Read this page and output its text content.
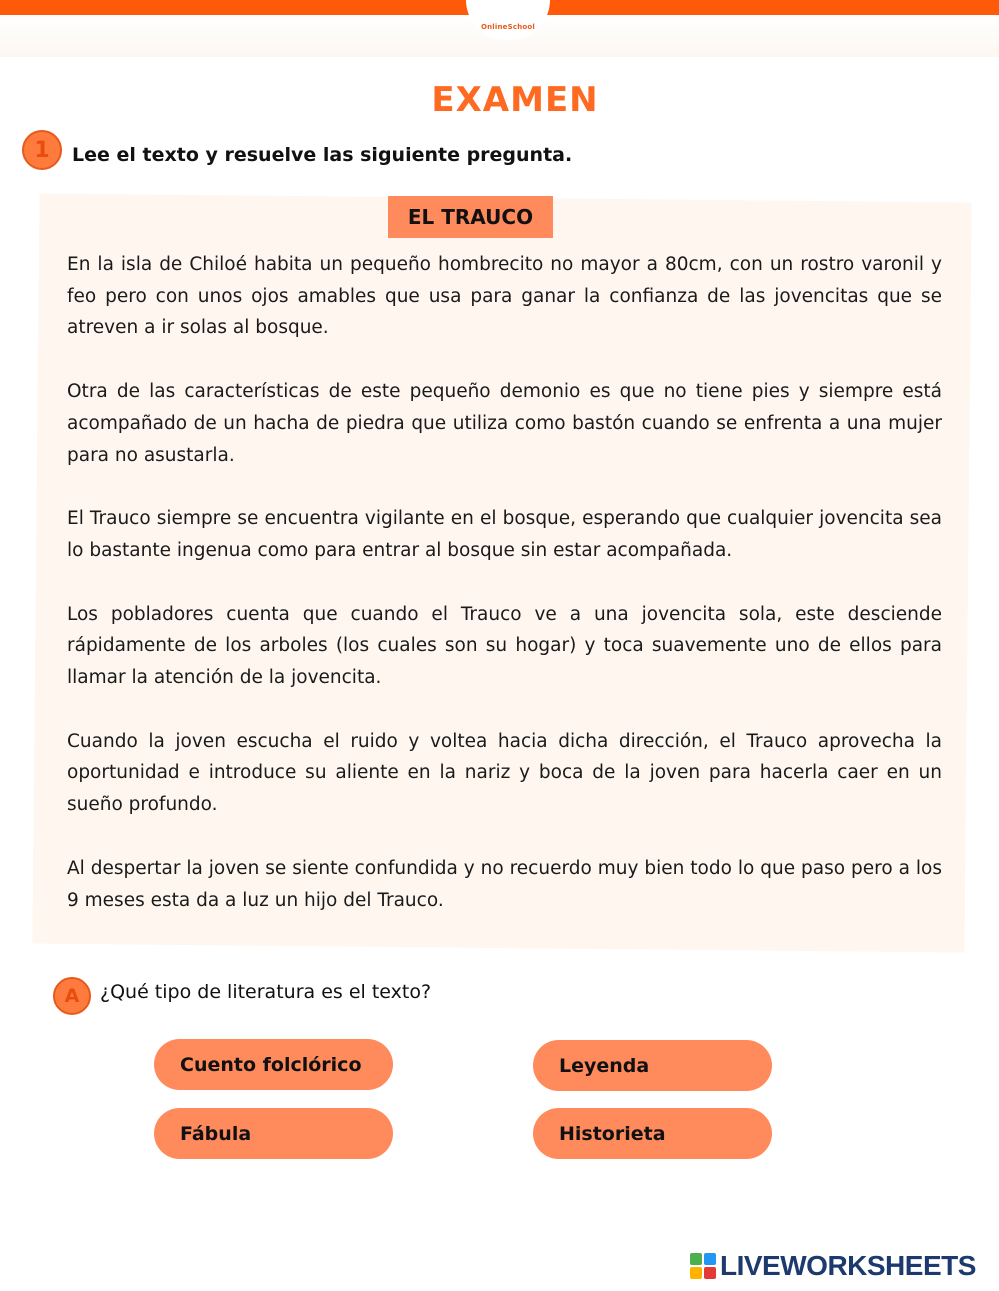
OnlineSchool
EXAMEN
1	Lee el texto y resuelve las siguiente pregunta.
EL TRAUCO

En la isla de Chiloé habita un pequeño hombrecito no mayor a 80cm, con un rostro varonil y feo pero con unos ojos amables que usa para ganar la confianza de las jovencitas que se atreven a ir solas al bosque.

Otra de las características de este pequeño demonio es que no tiene pies y siempre está acompañado de un hacha de piedra que utiliza como bastón cuando se enfrenta a una mujer para no asustarla.

El Trauco siempre se encuentra vigilante en el bosque, esperando que cualquier jovencita sea lo bastante ingenua como para entrar al bosque sin estar acompañada.

Los pobladores cuenta que cuando el Trauco ve a una jovencita sola, este desciende rápidamente de los arboles (los cuales son su hogar) y toca suavemente uno de ellos para llamar la atención de la jovencita.

Cuando la joven escucha el ruido y voltea hacia dicha dirección, el Trauco aprovecha la oportunidad e introduce su aliente en la nariz y boca de la joven para hacerla caer en un sueño profundo.

Al despertar la joven se siente confundida y no recuerdo muy bien todo lo que paso pero a los 9 meses esta da a luz un hijo del Trauco.

A	¿Qué tipo de literatura es el texto?
Cuento folclórico	Leyenda
Fábula	Historieta
LIVEWORKSHEETS
